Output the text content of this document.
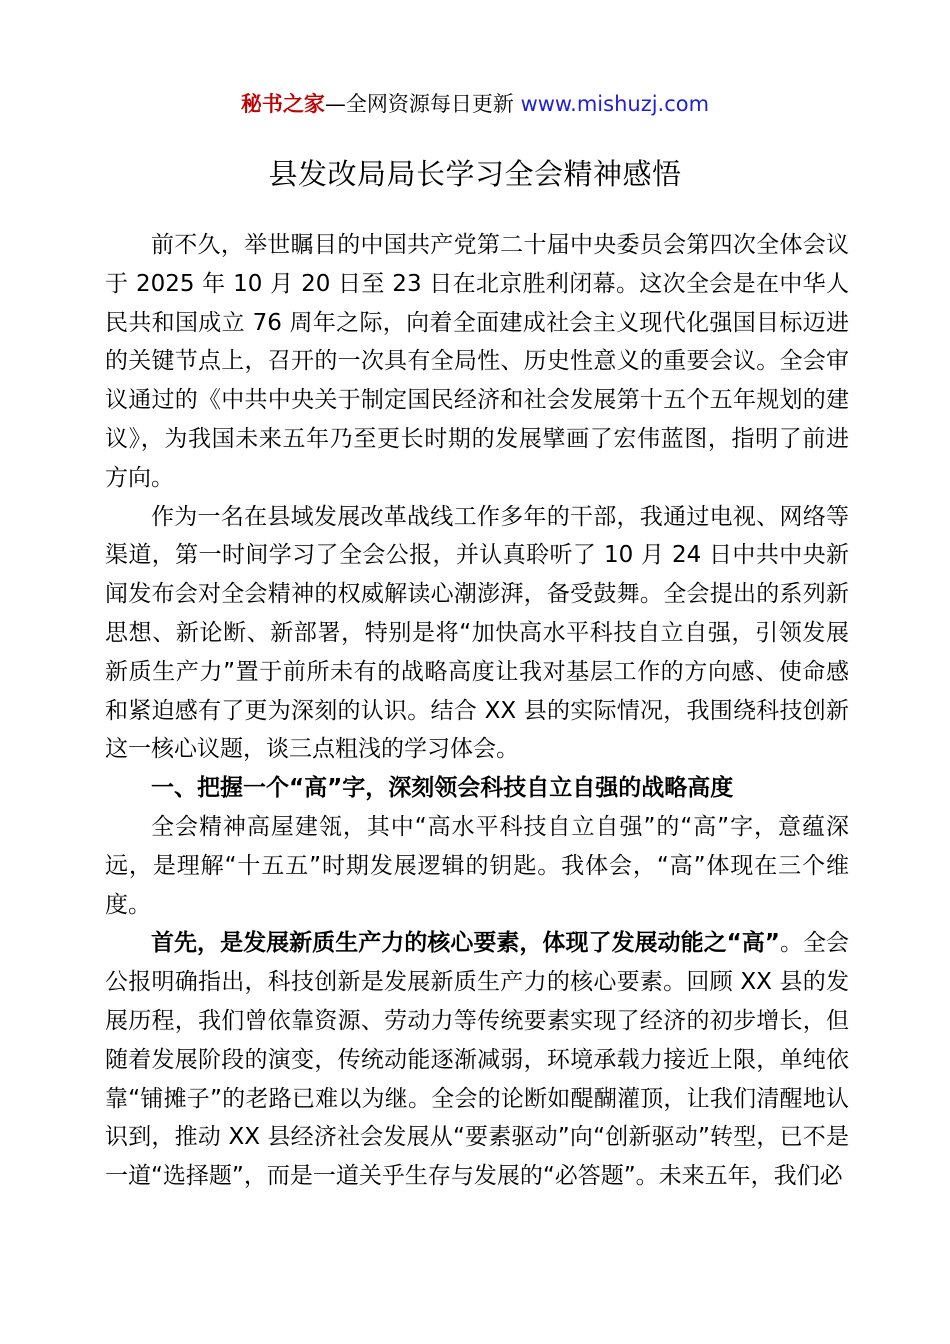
秘书之家—全网资源每日更新 www.mishuzj.com
县发改局局长学习全会精神感悟

前不久，举世瞩目的中国共产党第二十届中央委员会第四次全体会议于 2025 年 10 月 20 日至 23 日在北京胜利闭幕。这次全会是在中华人民共和国成立 76 周年之际，向着全面建成社会主义现代化强国目标迈进的关键节点上，召开的一次具有全局性、历史性意义的重要会议。全会审议通过的《中共中央关于制定国民经济和社会发展第十五个五年规划的建议》，为我国未来五年乃至更长时期的发展擘画了宏伟蓝图，指明了前进方向。

作为一名在县域发展改革战线工作多年的干部，我通过电视、网络等渠道，第一时间学习了全会公报，并认真聆听了 10 月 24 日中共中央新闻发布会对全会精神的权威解读心潮澎湃，备受鼓舞。全会提出的系列新思想、新论断、新部署，特别是将“加快高水平科技自立自强，引领发展新质生产力”置于前所未有的战略高度让我对基层工作的方向感、使命感和紧迫感有了更为深刻的认识。结合 XX 县的实际情况，我围绕科技创新这一核心议题，谈三点粗浅的学习体会。

一、把握一个“高”字，深刻领会科技自立自强的战略高度

全会精神高屋建瓴，其中“高水平科技自立自强”的“高”字，意蕴深远，是理解“十五五”时期发展逻辑的钥匙。我体会，“高”体现在三个维度。

首先，是发展新质生产力的核心要素，体现了发展动能之“高”。全会公报明确指出，科技创新是发展新质生产力的核心要素。回顾 XX 县的发展历程，我们曾依靠资源、劳动力等传统要素实现了经济的初步增长，但随着发展阶段的演变，传统动能逐渐减弱，环境承载力接近上限，单纯依靠“铺摊子”的老路已难以为继。全会的论断如醍醐灌顶，让我们清醒地认识到，推动 XX 县经济社会发展从“要素驱动”向“创新驱动”转型，已不是一道“选择题”，而是一道关乎生存与发展的“必答题”。未来五年，我们必
